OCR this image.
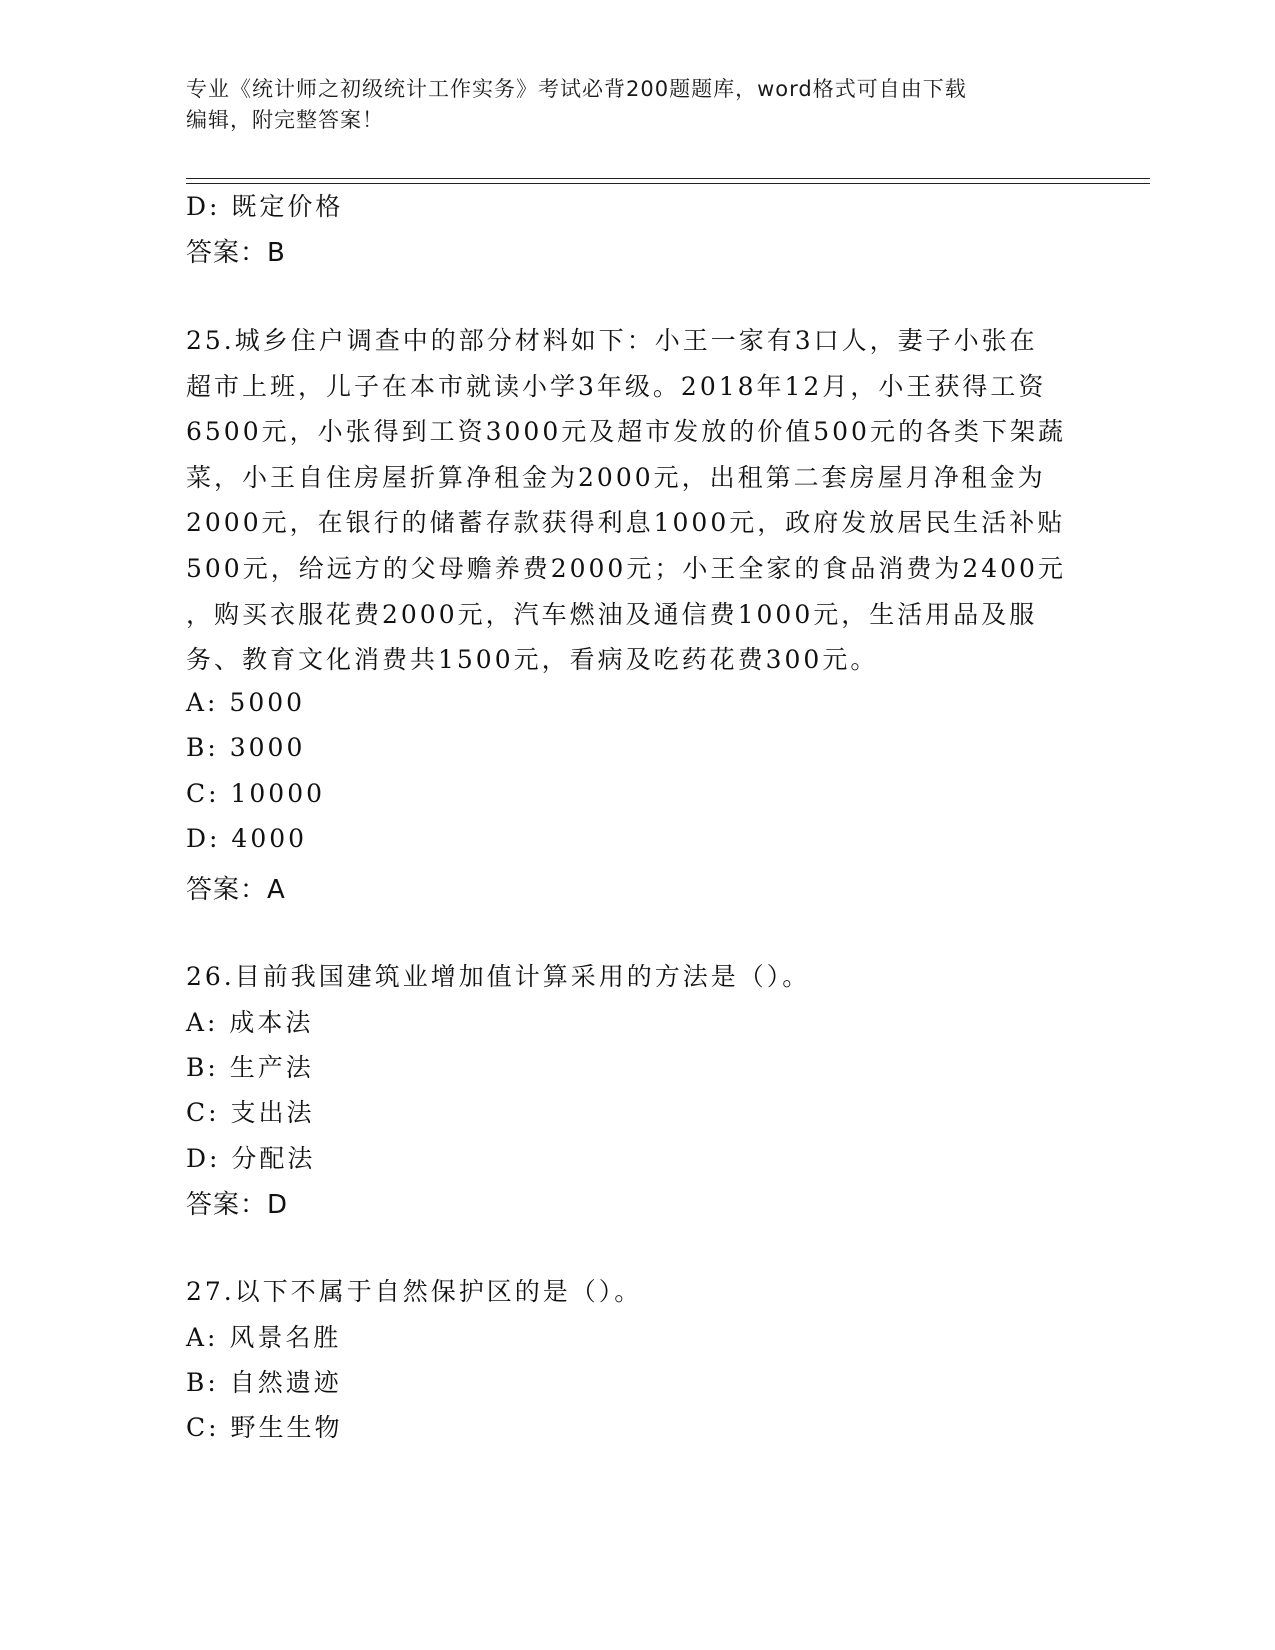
专业《统计师之初级统计工作实务》考试必背200题题库，word格式可自由下载
编辑，附完整答案！
D: 既定价格
答案：B
25.城乡住户调查中的部分材料如下：小王一家有3口人，妻子小张在
超市上班，儿子在本市就读小学3年级。2018年12月，小王获得工资
6500元，小张得到工资3000元及超市发放的价值500元的各类下架蔬
菜，小王自住房屋折算净租金为2000元，出租第二套房屋月净租金为
2000元，在银行的储蓄存款获得利息1000元，政府发放居民生活补贴
500元，给远方的父母赡养费2000元；小王全家的食品消费为2400元
，购买衣服花费2000元，汽车燃油及通信费1000元，生活用品及服
务、教育文化消费共1500元，看病及吃药花费300元。
A: 5000
B: 3000
C: 10000
D: 4000
答案：A
26.目前我国建筑业增加值计算采用的方法是（）。
A: 成本法
B: 生产法
C: 支出法
D: 分配法
答案：D
27.以下不属于自然保护区的是（）。
A: 风景名胜
B: 自然遗迹
C: 野生生物
